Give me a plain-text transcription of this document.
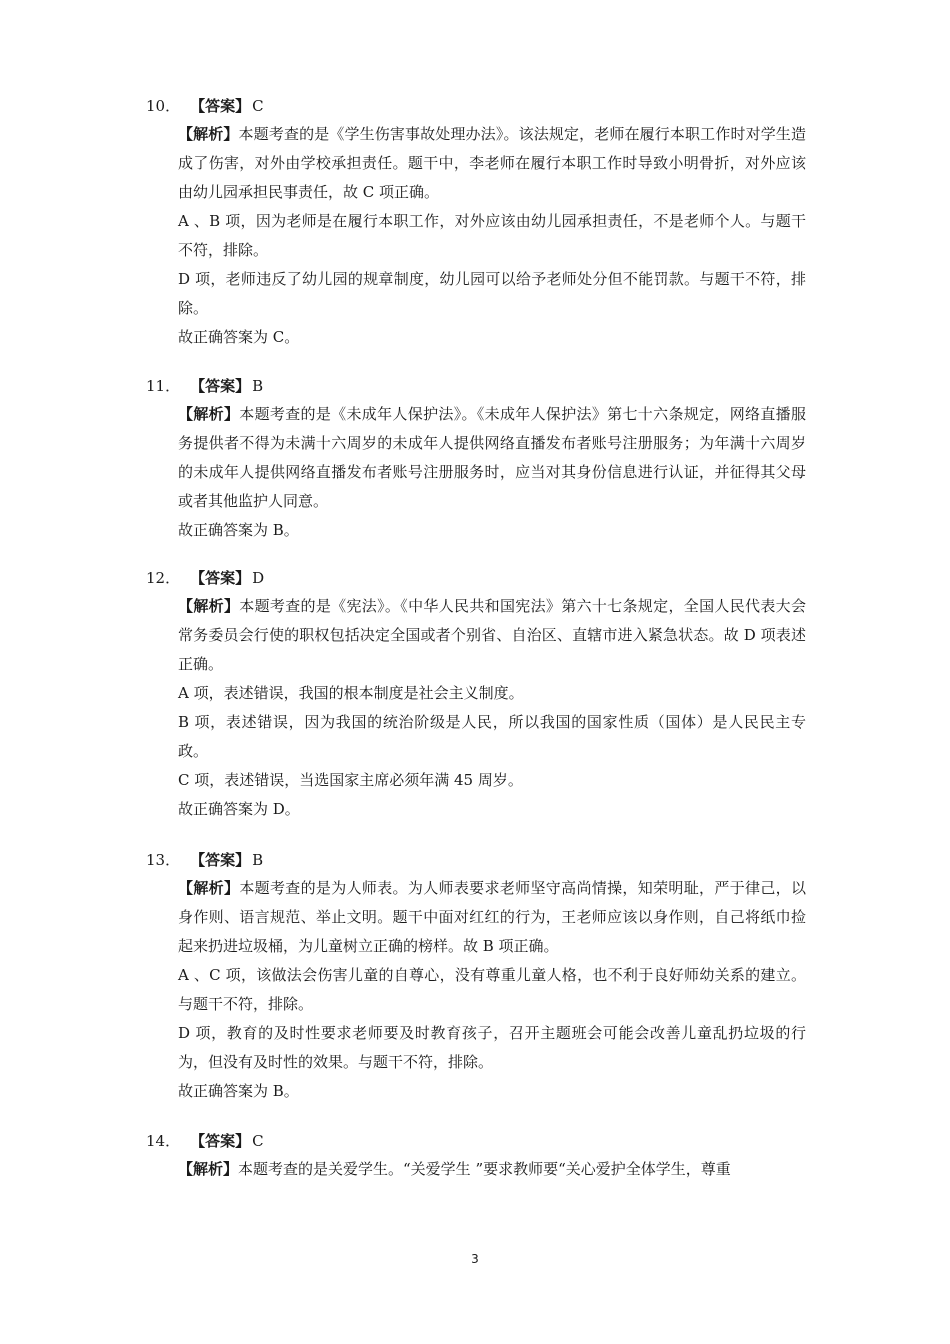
10． 【答案】 C

【解析】本题考查的是《学生伤害事故处理办法》。该法规定，老师在履行本职工作时对学生造成了伤害，对外由学校承担责任。题干中，李老师在履行本职工作时导致小明骨折，对外应该由幼儿园承担民事责任，故 C 项正确。

A 、B 项，因为老师是在履行本职工作，对外应该由幼儿园承担责任，不是老师个人。与题干不符，排除。

D 项，老师违反了幼儿园的规章制度，幼儿园可以给予老师处分但不能罚款。与题干不符，排除。

故正确答案为 C。

11． 【答案】 B

【解析】本题考查的是《未成年人保护法》。《未成年人保护法》第七十六条规定，网络直播服务提供者不得为未满十六周岁的未成年人提供网络直播发布者账号注册服务；为年满十六周岁的未成年人提供网络直播发布者账号注册服务时，应当对其身份信息进行认证，并征得其父母或者其他监护人同意。

故正确答案为 B。

12． 【答案】 D

【解析】本题考查的是《宪法》。《中华人民共和国宪法》第六十七条规定，全国人民代表大会常务委员会行使的职权包括决定全国或者个别省、自治区、直辖市进入紧急状态。故 D 项表述正确。

A 项，表述错误，我国的根本制度是社会主义制度。

B 项，表述错误，因为我国的统治阶级是人民，所以我国的国家性质（国体）是人民民主专政。

C 项，表述错误，当选国家主席必须年满 45 周岁。

故正确答案为 D。

13． 【答案】 B

【解析】本题考查的是为人师表。为人师表要求老师坚守高尚情操，知荣明耻，严于律己，以身作则、语言规范、举止文明。题干中面对红红的行为，王老师应该以身作则，自己将纸巾捡起来扔进垃圾桶，为儿童树立正确的榜样。故 B 项正确。

A 、C 项，该做法会伤害儿童的自尊心，没有尊重儿童人格，也不利于良好师幼关系的建立。与题干不符，排除。

D 项，教育的及时性要求老师要及时教育孩子，召开主题班会可能会改善儿童乱扔垃圾的行为，但没有及时性的效果。与题干不符，排除。

故正确答案为 B。

14． 【答案】 C

【解析】本题考查的是关爱学生。“关爱学生 ”要求教师要“关心爱护全体学生，尊重

3
